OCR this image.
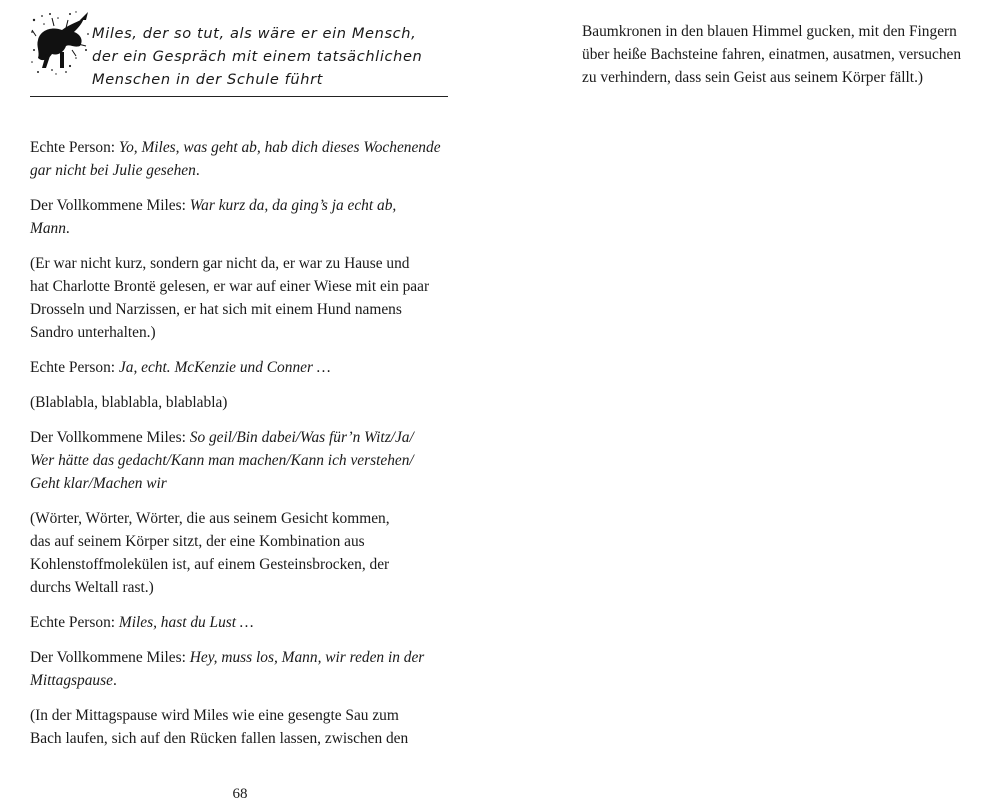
Miles, der so tut, als wäre er ein Mensch,
der ein Gespräch mit einem tatsächlichen
Menschen in der Schule führt

Echte Person: Yo, Miles, was geht ab, hab dich dieses Wochenende
gar nicht bei Julie gesehen.

Der Vollkommene Miles: War kurz da, da ging’s ja echt ab,
Mann.

(Er war nicht kurz, sondern gar nicht da, er war zu Hause und
hat Charlotte Brontë gelesen, er war auf einer Wiese mit ein paar
Drosseln und Narzissen, er hat sich mit einem Hund namens
Sandro unterhalten.)

Echte Person: Ja, echt. McKenzie und Conner …

(Blablabla, blablabla, blablabla)

Der Vollkommene Miles: So geil/Bin dabei/Was für’n Witz/Ja/
Wer hätte das gedacht/Kann man machen/Kann ich verstehen/
Geht klar/Machen wir

(Wörter, Wörter, Wörter, die aus seinem Gesicht kommen,
das auf seinem Körper sitzt, der eine Kombination aus
Kohlenstoffmolekülen ist, auf einem Gesteinsbrocken, der
durchs Weltall rast.)

Echte Person: Miles, hast du Lust …

Der Vollkommene Miles: Hey, muss los, Mann, wir reden in der
Mittagspause.

(In der Mittagspause wird Miles wie eine gesengte Sau zum
Bach laufen, sich auf den Rücken fallen lassen, zwischen den

68

Baumkronen in den blauen Himmel gucken, mit den Fingern
über heiße Bachsteine fahren, einatmen, ausatmen, versuchen
zu verhindern, dass sein Geist aus seinem Körper fällt.)
